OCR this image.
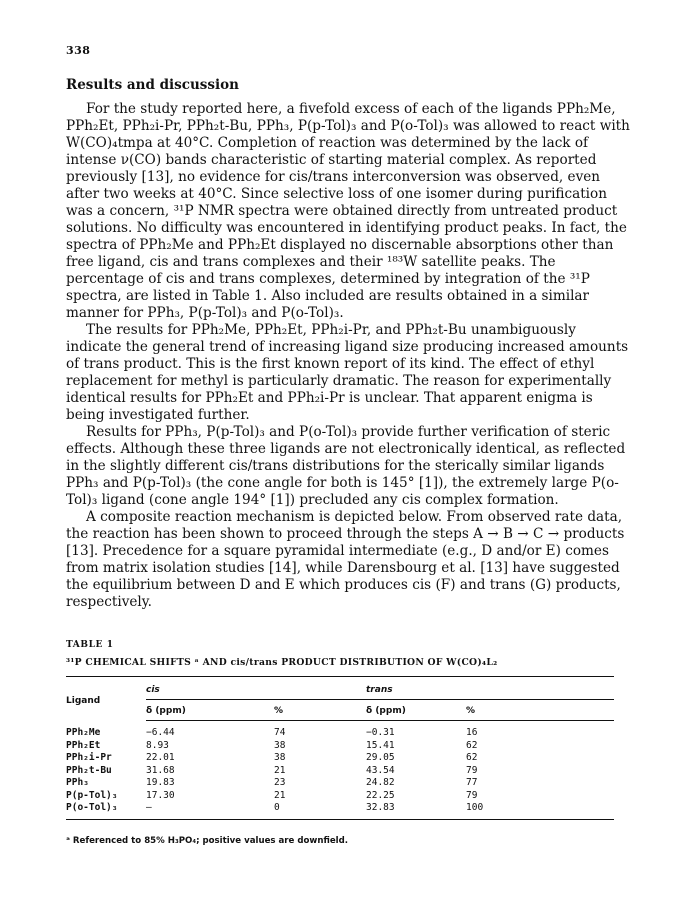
338
Results and discussion

For the study reported here, a fivefold excess of each of the ligands PPh₂Me, PPh₂Et, PPh₂i-Pr, PPh₂t-Bu, PPh₃, P(p-Tol)₃ and P(o-Tol)₃ was allowed to react with W(CO)₄tmpa at 40°C. Completion of reaction was determined by the lack of intense ν(CO) bands characteristic of starting material complex. As reported previously [13], no evidence for cis/trans interconversion was observed, even after two weeks at 40°C. Since selective loss of one isomer during purification was a concern, ³¹P NMR spectra were obtained directly from untreated product solutions. No difficulty was encountered in identifying product peaks. In fact, the spectra of PPh₂Me and PPh₂Et displayed no discernable absorptions other than free ligand, cis and trans complexes and their ¹⁸³W satellite peaks. The percentage of cis and trans complexes, determined by integration of the ³¹P spectra, are listed in Table 1. Also included are results obtained in a similar manner for PPh₃, P(p-Tol)₃ and P(o-Tol)₃.

The results for PPh₂Me, PPh₂Et, PPh₂i-Pr, and PPh₂t-Bu unambiguously indicate the general trend of increasing ligand size producing increased amounts of trans product. This is the first known report of its kind. The effect of ethyl replacement for methyl is particularly dramatic. The reason for experimentally identical results for PPh₂Et and PPh₂i-Pr is unclear. That apparent enigma is being investigated further.

Results for PPh₃, P(p-Tol)₃ and P(o-Tol)₃ provide further verification of steric effects. Although these three ligands are not electronically identical, as reflected in the slightly different cis/trans distributions for the sterically similar ligands PPh₃ and P(p-Tol)₃ (the cone angle for both is 145° [1]), the extremely large P(o-Tol)₃ ligand (cone angle 194° [1]) precluded any cis complex formation.

A composite reaction mechanism is depicted below. From observed rate data, the reaction has been shown to proceed through the steps A → B → C → products [13]. Precedence for a square pyramidal intermediate (e.g., D and/or E) comes from matrix isolation studies [14], while Darensbourg et al. [13] have suggested the equilibrium between D and E which produces cis (F) and trans (G) products, respectively.

TABLE 1
³¹P CHEMICAL SHIFTS ᵃ AND cis/trans PRODUCT DISTRIBUTION OF W(CO)₄L₂
Ligand	cis		trans	
	δ (ppm)	%	δ (ppm)	%
PPh₂Me	−6.44	74	−0.31	16
PPh₂Et	8.93	38	15.41	62
PPh₂i-Pr	22.01	38	29.05	62
PPh₂t-Bu	31.68	21	43.54	79
PPh₃	19.83	23	24.82	77
P(p-Tol)₃	17.30	21	22.25	79
P(o-Tol)₃	—	0	32.83	100
ᵃ Referenced to 85% H₃PO₄; positive values are downfield.
